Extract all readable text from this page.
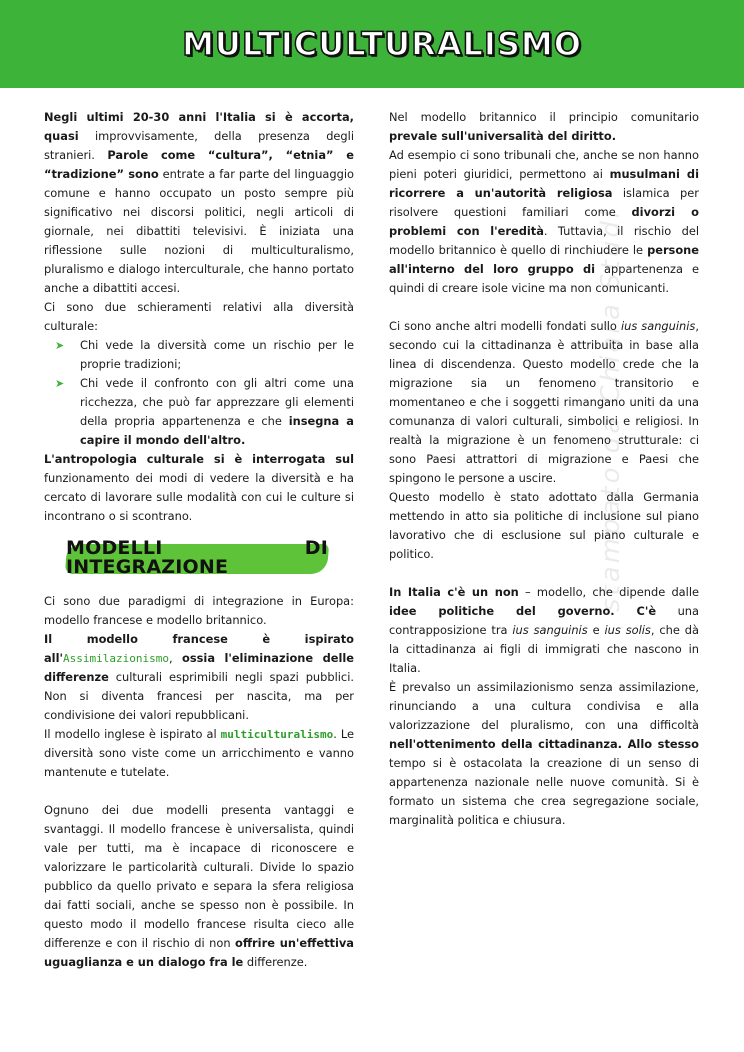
MULTICULTURALISMO

Negli ultimi 20-30 anni l'Italia si è accorta, quasi improvvisamente, della presenza degli stranieri. Parole come “cultura”, “etnia” e “tradizione” sono entrate a far parte del linguaggio comune e hanno occupato un posto sempre più significativo nei discorsi politici, negli articoli di giornale, nei dibattiti televisivi. È iniziata una riflessione sulle nozioni di multiculturalismo, pluralismo e dialogo interculturale, che hanno portato anche a dibattiti accesi.

Ci sono due schieramenti relativi alla diversità culturale:

➤ Chi vede la diversità come un rischio per le proprie tradizioni;
➤ Chi vede il confronto con gli altri come una ricchezza, che può far apprezzare gli elementi della propria appartenenza e che insegna a capire il mondo dell'altro.

L'antropologia culturale si è interrogata sul funzionamento dei modi di vedere la diversità e ha cercato di lavorare sulle modalità con cui le culture si incontrano o si scontrano.

MODELLI DI INTEGRAZIONE

Ci sono due paradigmi di integrazione in Europa: modello francese e modello britannico.

Il modello francese è ispirato all'Assimilazionismo, ossia l'eliminazione delle differenze culturali esprimibili negli spazi pubblici. Non si diventa francesi per nascita, ma per condivisione dei valori repubblicani.

Il modello inglese è ispirato al multiculturalismo. Le diversità sono viste come un arricchimento e vanno mantenute e tutelate.

Ognuno dei due modelli presenta vantaggi e svantaggi. Il modello francese è universalista, quindi vale per tutti, ma è incapace di riconoscere e valorizzare le particolarità culturali. Divide lo spazio pubblico da quello privato e separa la sfera religiosa dai fatti sociali, anche se spesso non è possibile. In questo modo il modello francese risulta cieco alle differenze e con il rischio di non offrire un'effettiva uguaglianza e un dialogo fra le differenze.

Nel modello britannico il principio comunitario prevale sull'universalità del diritto.

Ad esempio ci sono tribunali che, anche se non hanno pieni poteri giuridici, permettono ai musulmani di ricorrere a un'autorità religiosa islamica per risolvere questioni familiari come divorzi o problemi con l'eredità. Tuttavia, il rischio del modello britannico è quello di rinchiudere le persone all'interno del loro gruppo di appartenenza e quindi di creare isole vicine ma non comunicanti.

Ci sono anche altri modelli fondati sullo ius sanguinis, secondo cui la cittadinanza è attribuita in base alla linea di discendenza. Questo modello crede che la migrazione sia un fenomeno transitorio e momentaneo e che i soggetti rimangano uniti da una comunanza di valori culturali, simbolici e religiosi. In realtà la migrazione è un fenomeno strutturale: ci sono Paesi attrattori di migrazione e Paesi che spingono le persone a uscire.

Questo modello è stato adottato dalla Germania mettendo in atto sia politiche di inclusione sul piano lavorativo che di esclusione sul piano culturale e politico.

In Italia c'è un non – modello, che dipende dalle idee politiche del governo. C'è una contrapposizione tra ius sanguinis e ius solis, che dà la cittadinanza ai figli di immigrati che nascono in Italia.

È prevalso un assimilazionismo senza assimilazione, rinunciando a una cultura condivisa e alla valorizzazione del pluralismo, con una difficoltà nell'ottenimento della cittadinanza. Allo stesso tempo si è ostacolata la creazione di un senso di appartenenza nazionale nelle nuove comunità. Si è formato un sistema che crea segregazione sociale, marginalità politica e chiusura.

stampato da Chiara Studi
